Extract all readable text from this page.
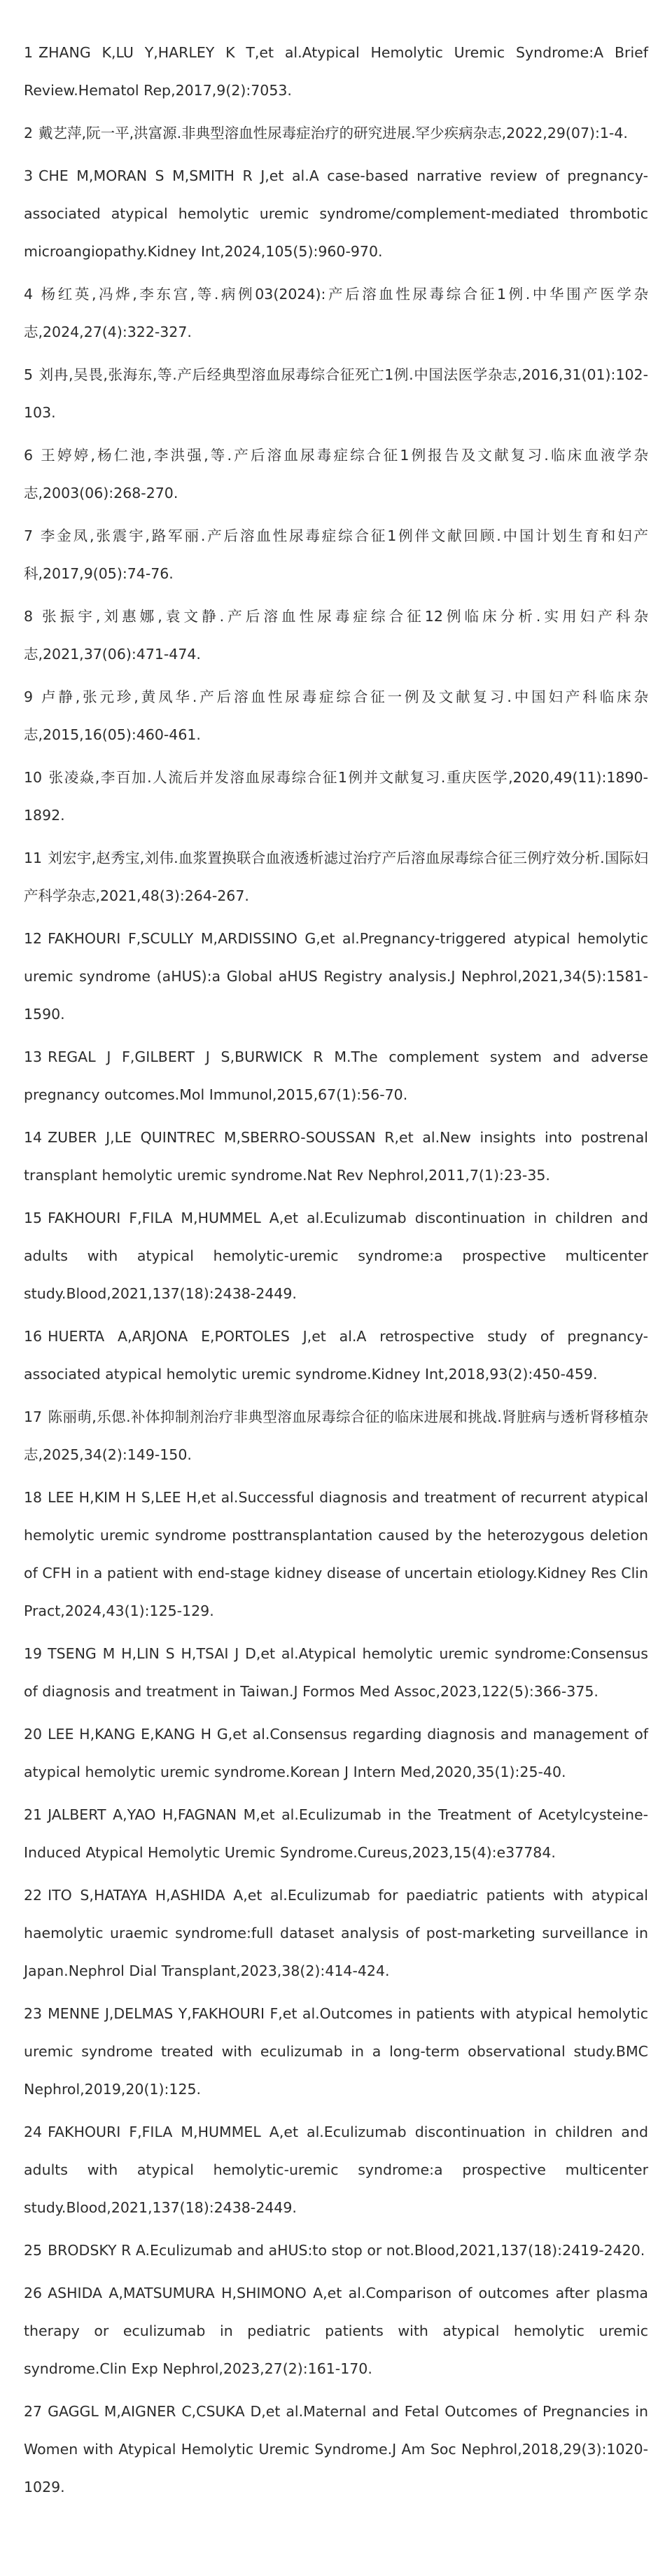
1 ZHANG K,LU Y,HARLEY K T,et al.Atypical Hemolytic Uremic Syndrome:A Brief Review.Hematol Rep,2017,9(2):7053.
2 戴艺萍,阮一平,洪富源.非典型溶血性尿毒症治疗的研究进展.罕少疾病杂志,2022,29(07):1-4.
3 CHE M,MORAN S M,SMITH R J,et al.A case-based narrative review of pregnancy-associated atypical hemolytic uremic syndrome/complement-mediated thrombotic microangiopathy.Kidney Int,2024,105(5):960-970.
4 杨红英,冯烨,李东宫,等.病例03(2024):产后溶血性尿毒综合征1例.中华围产医学杂志,2024,27(4):322-327.
5 刘冉,吴畏,张海东,等.产后经典型溶血尿毒综合征死亡1例.中国法医学杂志,2016,31(01):102-103.
6 王婷婷,杨仁池,李洪强,等.产后溶血尿毒症综合征1例报告及文献复习.临床血液学杂志,2003(06):268-270.
7 李金凤,张震宇,路军丽.产后溶血性尿毒症综合征1例伴文献回顾.中国计划生育和妇产科,2017,9(05):74-76.
8 张振宇,刘惠娜,袁文静.产后溶血性尿毒症综合征12例临床分析.实用妇产科杂志,2021,37(06):471-474.
9 卢静,张元珍,黄凤华.产后溶血性尿毒症综合征一例及文献复习.中国妇产科临床杂志,2015,16(05):460-461.
10 张凌焱,李百加.人流后并发溶血尿毒综合征1例并文献复习.重庆医学,2020,49(11):1890-1892.
11 刘宏宇,赵秀宝,刘伟.血浆置换联合血液透析滤过治疗产后溶血尿毒综合征三例疗效分析.国际妇产科学杂志,2021,48(3):264-267.
12 FAKHOURI F,SCULLY M,ARDISSINO G,et al.Pregnancy-triggered atypical hemolytic uremic syndrome (aHUS):a Global aHUS Registry analysis.J Nephrol,2021,34(5):1581-1590.
13 REGAL J F,GILBERT J S,BURWICK R M.The complement system and adverse pregnancy outcomes.Mol Immunol,2015,67(1):56-70.
14 ZUBER J,LE QUINTREC M,SBERRO-SOUSSAN R,et al.New insights into postrenal transplant hemolytic uremic syndrome.Nat Rev Nephrol,2011,7(1):23-35.
15 FAKHOURI F,FILA M,HUMMEL A,et al.Eculizumab discontinuation in children and adults with atypical hemolytic-uremic syndrome:a prospective multicenter study.Blood,2021,137(18):2438-2449.
16 HUERTA A,ARJONA E,PORTOLES J,et al.A retrospective study of pregnancy-associated atypical hemolytic uremic syndrome.Kidney Int,2018,93(2):450-459.
17 陈丽萌,乐偲.补体抑制剂治疗非典型溶血尿毒综合征的临床进展和挑战.肾脏病与透析肾移植杂志,2025,34(2):149-150.
18 LEE H,KIM H S,LEE H,et al.Successful diagnosis and treatment of recurrent atypical hemolytic uremic syndrome posttransplantation caused by the heterozygous deletion of CFH in a patient with end-stage kidney disease of uncertain etiology.Kidney Res Clin Pract,2024,43(1):125-129.
19 TSENG M H,LIN S H,TSAI J D,et al.Atypical hemolytic uremic syndrome:Consensus of diagnosis and treatment in Taiwan.J Formos Med Assoc,2023,122(5):366-375.
20 LEE H,KANG E,KANG H G,et al.Consensus regarding diagnosis and management of atypical hemolytic uremic syndrome.Korean J Intern Med,2020,35(1):25-40.
21 JALBERT A,YAO H,FAGNAN M,et al.Eculizumab in the Treatment of Acetylcysteine-Induced Atypical Hemolytic Uremic Syndrome.Cureus,2023,15(4):e37784.
22 ITO S,HATAYA H,ASHIDA A,et al.Eculizumab for paediatric patients with atypical haemolytic uraemic syndrome:full dataset analysis of post-marketing surveillance in Japan.Nephrol Dial Transplant,2023,38(2):414-424.
23 MENNE J,DELMAS Y,FAKHOURI F,et al.Outcomes in patients with atypical hemolytic uremic syndrome treated with eculizumab in a long-term observational study.BMC Nephrol,2019,20(1):125.
24 FAKHOURI F,FILA M,HUMMEL A,et al.Eculizumab discontinuation in children and adults with atypical hemolytic-uremic syndrome:a prospective multicenter study.Blood,2021,137(18):2438-2449.
25 BRODSKY R A.Eculizumab and aHUS:to stop or not.Blood,2021,137(18):2419-2420.
26 ASHIDA A,MATSUMURA H,SHIMONO A,et al.Comparison of outcomes after plasma therapy or eculizumab in pediatric patients with atypical hemolytic uremic syndrome.Clin Exp Nephrol,2023,27(2):161-170.
27 GAGGL M,AIGNER C,CSUKA D,et al.Maternal and Fetal Outcomes of Pregnancies in Women with Atypical Hemolytic Uremic Syndrome.J Am Soc Nephrol,2018,29(3):1020-1029.
